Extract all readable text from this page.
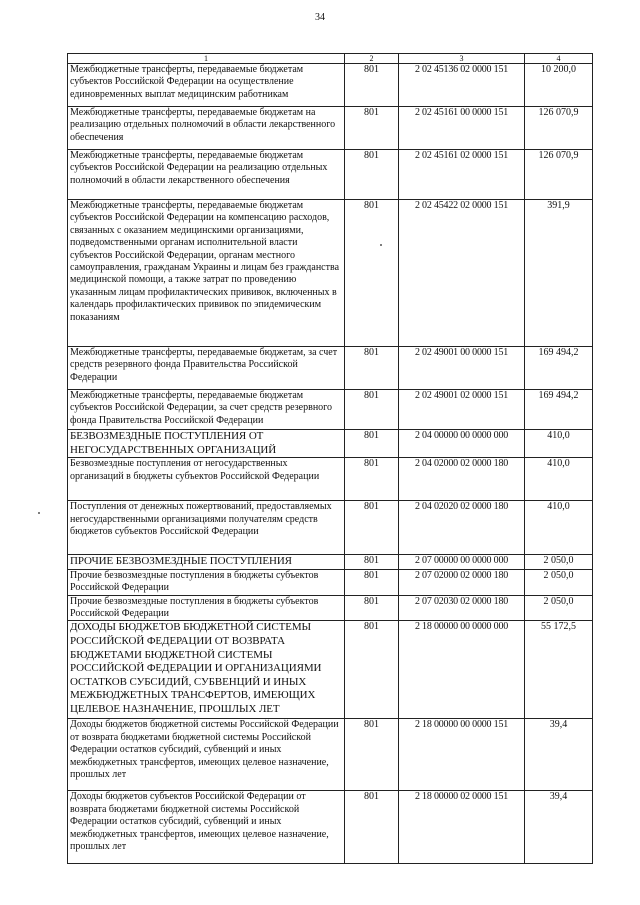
34
1	2	3	4
Межбюджетные трансферты, передаваемые бюджетам субъектов Российской Федерации на осуществление единовременных выплат медицинским работникам	801	2 02 45136 02 0000 151	10 200,0
Межбюджетные трансферты, передаваемые бюджетам на реализацию отдельных полномочий в области лекарственного обеспечения	801	2 02 45161 00 0000 151	126 070,9
Межбюджетные трансферты, передаваемые бюджетам субъектов Российской Федерации на реализацию отдельных полномочий в области лекарственного обеспечения	801	2 02 45161 02 0000 151	126 070,9
Межбюджетные трансферты, передаваемые бюджетам субъектов Российской Федерации на компенсацию расходов, связанных с оказанием медицинскими организациями, подведомственными органам исполнительной власти субъектов Российской Федерации, органам местного самоуправления, гражданам Украины и лицам без гражданства медицинской помощи, а также затрат по проведению указанным лицам профилактических прививок, включенных в календарь профилактических прививок по эпидемическим показаниям	801	2 02 45422 02 0000 151	391,9
Межбюджетные трансферты, передаваемые бюджетам, за счет средств резервного фонда Правительства Российской Федерации	801	2 02 49001 00 0000 151	169 494,2
Межбюджетные трансферты, передаваемые бюджетам субъектов Российской Федерации, за счет средств резервного фонда Правительства Российской Федерации	801	2 02 49001 02 0000 151	169 494,2
БЕЗВОЗМЕЗДНЫЕ ПОСТУПЛЕНИЯ ОТ НЕГОСУДАРСТВЕННЫХ ОРГАНИЗАЦИЙ	801	2 04 00000 00 0000 000	410,0
Безвозмездные поступления от негосударственных организаций в бюджеты субъектов Российской Федерации	801	2 04 02000 02 0000 180	410,0
Поступления от денежных пожертвований, предоставляемых негосударственными организациями получателям средств бюджетов субъектов Российской Федерации	801	2 04 02020 02 0000 180	410,0
ПРОЧИЕ БЕЗВОЗМЕЗДНЫЕ ПОСТУПЛЕНИЯ	801	2 07 00000 00 0000 000	2 050,0
Прочие безвозмездные поступления в бюджеты субъектов Российской Федерации	801	2 07 02000 02 0000 180	2 050,0
Прочие безвозмездные поступления в бюджеты субъектов Российской Федерации	801	2 07 02030 02 0000 180	2 050,0
ДОХОДЫ БЮДЖЕТОВ БЮДЖЕТНОЙ СИСТЕМЫ РОССИЙСКОЙ ФЕДЕРАЦИИ ОТ ВОЗВРАТА БЮДЖЕТАМИ БЮДЖЕТНОЙ СИСТЕМЫ РОССИЙСКОЙ ФЕДЕРАЦИИ И ОРГАНИЗАЦИЯМИ ОСТАТКОВ СУБСИДИЙ, СУБВЕНЦИЙ И ИНЫХ МЕЖБЮДЖЕТНЫХ ТРАНСФЕРТОВ, ИМЕЮЩИХ ЦЕЛЕВОЕ НАЗНАЧЕНИЕ, ПРОШЛЫХ ЛЕТ	801	2 18 00000 00 0000 000	55 172,5
Доходы бюджетов бюджетной системы Российской Федерации от возврата бюджетами бюджетной системы Российской Федерации остатков субсидий, субвенций и иных межбюджетных трансфертов, имеющих целевое назначение, прошлых лет	801	2 18 00000 00 0000 151	39,4
Доходы бюджетов субъектов Российской Федерации от возврата бюджетами бюджетной системы Российской Федерации остатков субсидий, субвенций и иных межбюджетных трансфертов, имеющих целевое назначение, прошлых лет	801	2 18 00000 02 0000 151	39,4
